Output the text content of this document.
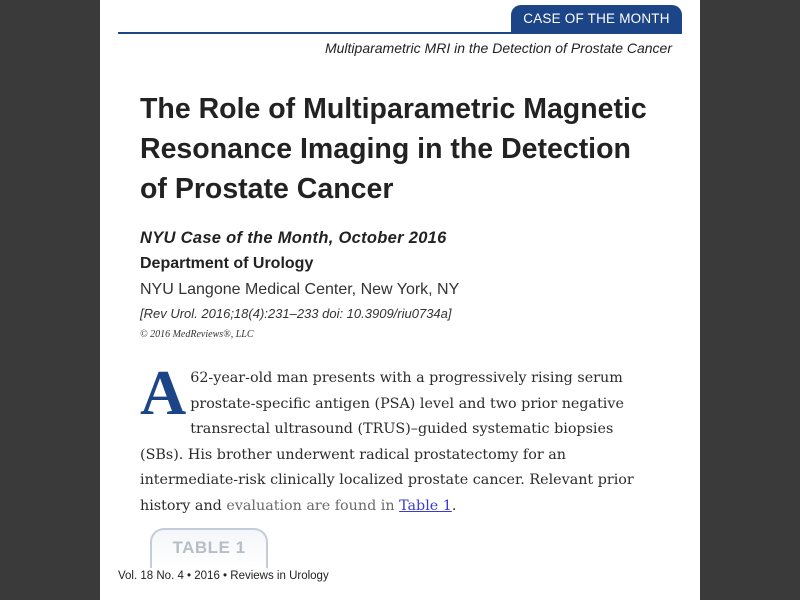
CASE OF THE MONTH
Multiparametric MRI in the Detection of Prostate Cancer
The Role of Multiparametric Magnetic Resonance Imaging in the Detection of Prostate Cancer
NYU Case of the Month, October 2016
Department of Urology
NYU Langone Medical Center, New York, NY
[Rev Urol. 2016;18(4):231–233 doi: 10.3909/riu0734a]
© 2016 MedReviews®, LLC

A 62-year-old man presents with a progressively rising serum prostate-specific antigen (PSA) level and two prior negative transrectal ultrasound (TRUS)–guided systematic biopsies (SBs). His brother underwent radical prostatectomy for an intermediate-risk clinically localized prostate cancer. Relevant prior history and evaluation are found in Table 1.

TABLE 1
Vol. 18 No. 4 • 2016 • Reviews in Urology
